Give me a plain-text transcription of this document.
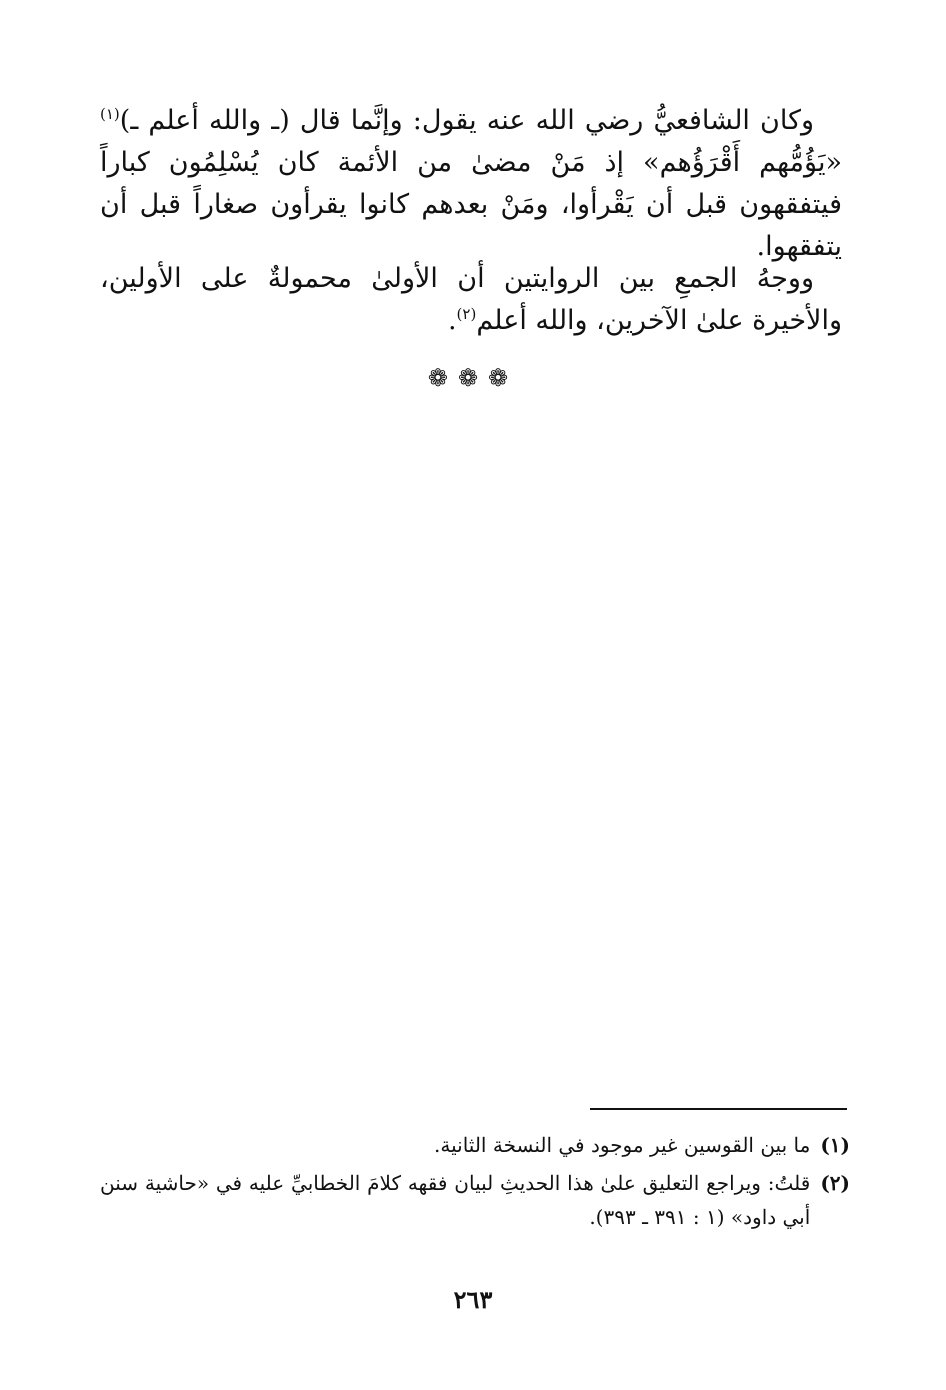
وكان الشافعيُّ رضي الله عنه يقول: وإنَّما قال (ـ والله أعلم ـ)$^{(١)}$ «يَؤُمُّهم أَقْرَؤُهم» إذ مَنْ مضىٰ من الأئمة كان يُسْلِمُون كباراً فيتفقهون قبل أن يَقْرأوا، ومَنْ بعدهم كانوا يقرأون صغاراً قبل أن يتفقهوا.

ووجهُ الجمعِ بين الروايتين أن الأولىٰ محمولةٌ على الأولين، والأخيرة علىٰ الآخرين، والله أعلم$^{(٢)}$.

❁❁❁
(١)
ما بين القوسين غير موجود في النسخة الثانية.
(٢)
قلتُ: ويراجع التعليق علىٰ هذا الحديثِ لبيان فقهه كلامَ الخطابيِّ عليه في «حاشية سنن أبي داود» (١ : ٣٩١ ـ ٣٩٣).
٢٦٣
